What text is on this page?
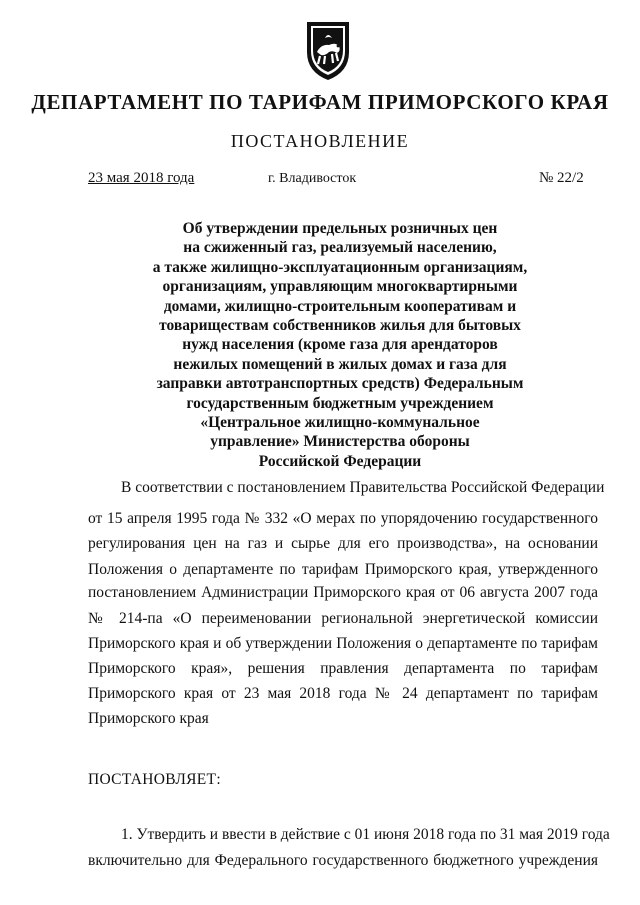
ДЕПАРТАМЕНТ ПО ТАРИФАМ ПРИМОРСКОГО КРАЯ
ПОСТАНОВЛЕНИЕ
23 мая 2018 года	г. Владивосток	№ 22/2
Об утверждении предельных розничных цен
на сжиженный газ, реализуемый населению,
а также жилищно-эксплуатационным организациям,
организациям, управляющим многоквартирными
домами, жилищно-строительным кооперативам и
товариществам собственников жилья для бытовых
нужд населения (кроме газа для арендаторов
нежилых помещений в жилых домах и газа для
заправки автотранспортных средств) Федеральным
государственным бюджетным учреждением
«Центральное жилищно-коммунальное
управление» Министерства обороны
Российской Федерации
В соответствии с постановлением Правительства Российской Федерации
от 15 апреля 1995 года № 332 «О мерах по упорядочению государственного
регулирования цен на газ и сырье для его производства», на основании
Положения о департаменте по тарифам Приморского края, утвержденного
постановлением Администрации Приморского края от 06 августа 2007 года
№ 214-па «О переименовании региональной энергетической комиссии
Приморского края и об утверждении Положения о департаменте по тарифам
Приморского края», решения правления департамента по тарифам
Приморского края от 23 мая 2018 года № 24 департамент по тарифам
Приморского края
ПОСТАНОВЛЯЕТ:
1. Утвердить и ввести в действие с 01 июня 2018 года по 31 мая 2019 года
включительно для Федерального государственного бюджетного учреждения
